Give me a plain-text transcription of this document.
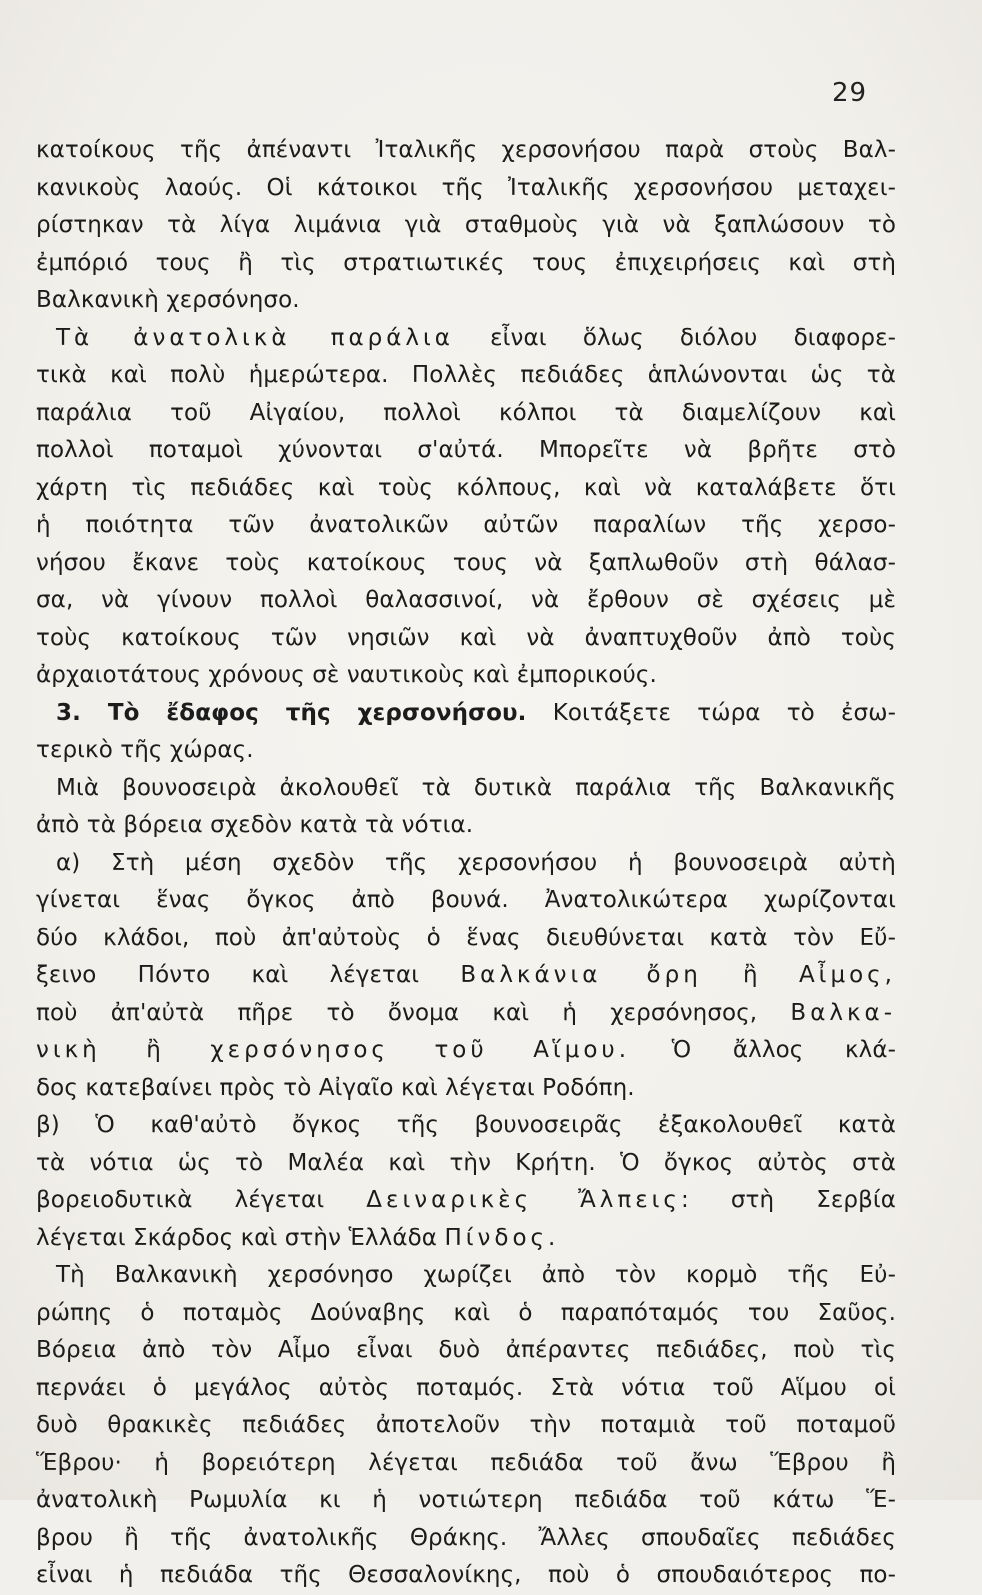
29
κατοίκους τῆς ἀπέναντι Ἰταλικῆς χερσονήσου παρὰ στοὺς Βαλ-
κανικοὺς λαούς. Οἱ κάτοικοι τῆς Ἰταλικῆς χερσονήσου μεταχει-
ρίστηκαν τὰ λίγα λιμάνια γιὰ σταθμοὺς γιὰ νὰ ξαπλώσουν τὸ
ἐμπόριό τους ἢ τὶς στρατιωτικές τους ἐπιχειρήσεις καὶ στὴ
Βαλκανικὴ χερσόνησο.
Τὰ ἀνατολικὰ παράλια εἶναι ὅλως διόλου διαφορε-
τικὰ καὶ πολὺ ἡμερώτερα. Πολλὲς πεδιάδες ἁπλώνονται ὡς τὰ
παράλια τοῦ Αἰγαίου, πολλοὶ κόλποι τὰ διαμελίζουν καὶ
πολλοὶ ποταμοὶ χύνονται σ'αὐτά. Μπορεῖτε νὰ βρῆτε στὸ
χάρτη τὶς πεδιάδες καὶ τοὺς κόλπους, καὶ νὰ καταλάβετε ὅτι
ἡ ποιότητα τῶν ἀνατολικῶν αὐτῶν παραλίων τῆς χερσο-
νήσου ἔκανε τοὺς κατοίκους τους νὰ ξαπλωθοῦν στὴ θάλασ-
σα, νὰ γίνουν πολλοὶ θαλασσινοί, νὰ ἔρθουν σὲ σχέσεις μὲ
τοὺς κατοίκους τῶν νησιῶν καὶ νὰ ἀναπτυχθοῦν ἀπὸ τοὺς
ἀρχαιοτάτους χρόνους σὲ ναυτικοὺς καὶ ἐμπορικούς.
3. Τὸ ἔδαφος τῆς χερσονήσου. Κοιτάξετε τώρα τὸ ἐσω-
τερικὸ τῆς χώρας.
Μιὰ βουνοσειρὰ ἀκολουθεῖ τὰ δυτικὰ παράλια τῆς Βαλκανικῆς
ἀπὸ τὰ βόρεια σχεδὸν κατὰ τὰ νότια.
α) Στὴ μέση σχεδὸν τῆς χερσονήσου ἡ βουνοσειρὰ αὐτὴ
γίνεται ἕνας ὄγκος ἀπὸ βουνά. Ἀνατολικώτερα χωρίζονται
δύο κλάδοι, ποὺ ἀπ'αὐτοὺς ὁ ἕνας διευθύνεται κατὰ τὸν Εὔ-
ξεινο Πόντο καὶ λέγεται Βαλκάνια ὄρη ἢ Αἶμος,
ποὺ ἀπ'αὐτὰ πῆρε τὸ ὄνομα καὶ ἡ χερσόνησος, Βαλκα-
νικὴ ἢ χερσόνησος τοῦ Αἵμου. Ὁ ἄλλος κλά-
δος κατεβαίνει πρὸς τὸ Αἰγαῖο καὶ λέγεται Ροδόπη.
β) Ὁ καθ'αὐτὸ ὄγκος τῆς βουνοσειρᾶς ἐξακολουθεῖ κατὰ
τὰ νότια ὡς τὸ Μαλέα καὶ τὴν Κρήτη. Ὁ ὄγκος αὐτὸς στὰ
βορειοδυτικὰ λέγεται Δειναρικὲς Ἄλπεις: στὴ Σερβία
λέγεται Σκάρδος καὶ στὴν Ἑλλάδα Πίνδος.
Τὴ Βαλκανικὴ χερσόνησο χωρίζει ἀπὸ τὸν κορμὸ τῆς Εὐ-
ρώπης ὁ ποταμὸς Δούναβης καὶ ὁ παραπόταμός του Σαῦος.
Βόρεια ἀπὸ τὸν Αἶμο εἶναι δυὸ ἀπέραντες πεδιάδες, ποὺ τὶς
περνάει ὁ μεγάλος αὐτὸς ποταμός. Στὰ νότια τοῦ Αἵμου οἱ
δυὸ θρακικὲς πεδιάδες ἀποτελοῦν τὴν ποταμιὰ τοῦ ποταμοῦ
Ἕβρου· ἡ βορειότερη λέγεται πεδιάδα τοῦ ἄνω Ἕβρου ἢ
ἀνατολικὴ Ρωμυλία κι ἡ νοτιώτερη πεδιάδα τοῦ κάτω Ἕ-
βρου ἢ τῆς ἀνατολικῆς Θράκης. Ἄλλες σπουδαῖες πεδιάδες
εἶναι ἡ πεδιάδα τῆς Θεσσαλονίκης, ποὺ ὁ σπουδαιότερος πο-
